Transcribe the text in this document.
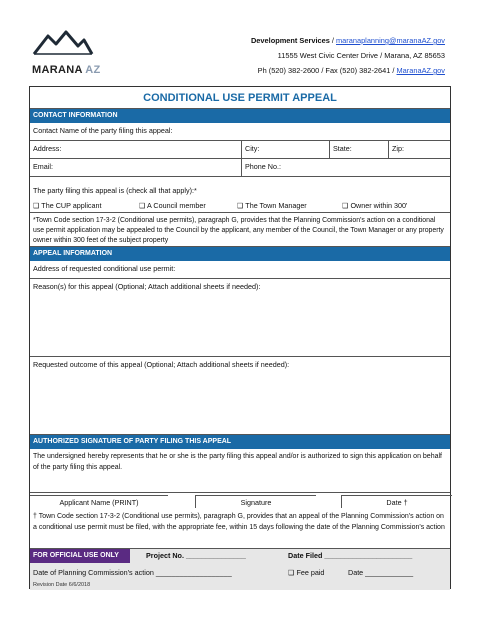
MARANA AZ
Development Services / maranaplanning@maranaAZ.gov
11555 West Civic Center Drive / Marana, AZ 85653
Ph (520) 382-2600 / Fax (520) 382-2641 / MaranaAZ.gov
CONDITIONAL USE PERMIT APPEAL
CONTACT INFORMATION
Contact Name of the party filing this appeal:
Address:	City:	State:	Zip:
Email:	Phone No.:
The party filing this appeal is (check all that apply):*
❑ The CUP applicant	❑ A Council member	❑ The Town Manager	❑ Owner within 300'
*Town Code section 17-3-2 (Conditional use permits), paragraph G, provides that the Planning Commission's action on a conditional use permit application may be appealed to the Council by the applicant, any member of the Council, the Town Manager or any property owner within 300 feet of the subject property
APPEAL INFORMATION
Address of requested conditional use permit:
Reason(s) for this appeal (Optional; Attach additional sheets if needed):
Requested outcome of this appeal (Optional; Attach additional sheets if needed):
AUTHORIZED SIGNATURE OF PARTY FILING THIS APPEAL
The undersigned hereby represents that he or she is the party filing this appeal and/or is authorized to sign this application on behalf of the party filing this appeal.
Applicant Name (PRINT)	Signature	Date †
† Town Code section 17-3-2 (Conditional use permits), paragraph G, provides that an appeal of the Planning Commission's action on a conditional use permit must be filed, with the appropriate fee, within 15 days following the date of the Planning Commission's action
FOR OFFICIAL USE ONLY	Project No. _______________	Date Filed ______________________
Date of Planning Commission's action ___________________	❑ Fee paid	Date ____________
Revision Date 6/6/2018
